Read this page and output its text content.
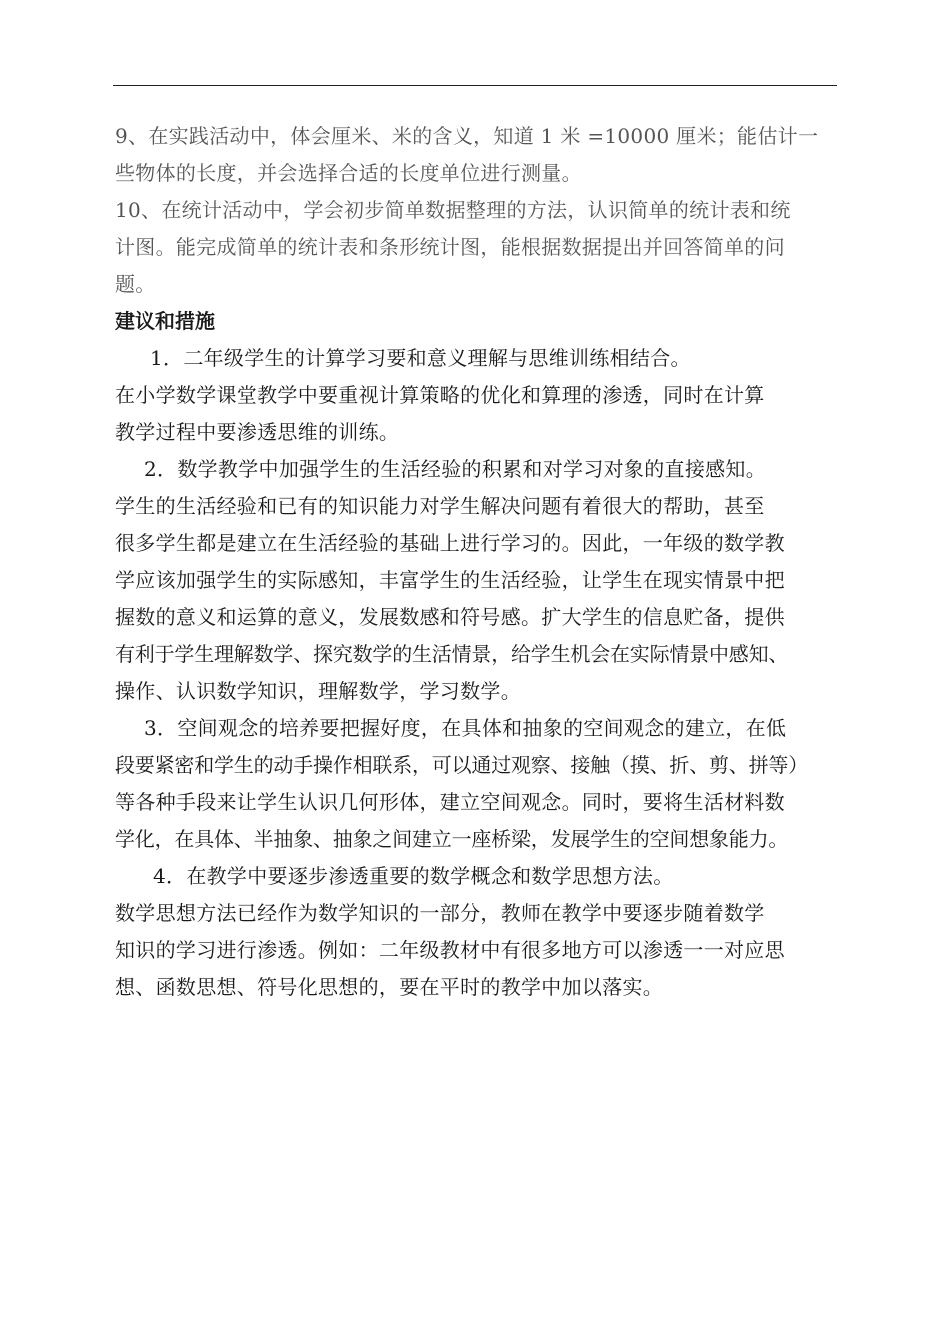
9、在实践活动中，体会厘米、米的含义，知道 1 米 =10000 厘米；能估计一
些物体的长度，并会选择合适的长度单位进行测量。
10、在统计活动中，学会初步简单数据整理的方法，认识简单的统计表和统
计图。能完成简单的统计表和条形统计图，能根据数据提出并回答简单的问
题。
建议和措施
1．二年级学生的计算学习要和意义理解与思维训练相结合。
在小学数学课堂教学中要重视计算策略的优化和算理的渗透，同时在计算
教学过程中要渗透思维的训练。
2．数学教学中加强学生的生活经验的积累和对学习对象的直接感知。
学生的生活经验和已有的知识能力对学生解决问题有着很大的帮助，甚至
很多学生都是建立在生活经验的基础上进行学习的。因此，一年级的数学教
学应该加强学生的实际感知，丰富学生的生活经验，让学生在现实情景中把
握数的意义和运算的意义，发展数感和符号感。扩大学生的信息贮备，提供
有利于学生理解数学、探究数学的生活情景，给学生机会在实际情景中感知、
操作、认识数学知识，理解数学，学习数学。
3．空间观念的培养要把握好度，在具体和抽象的空间观念的建立，在低
段要紧密和学生的动手操作相联系，可以通过观察、接触（摸、折、剪、拼等）
等各种手段来让学生认识几何形体，建立空间观念。同时，要将生活材料数
学化，在具体、半抽象、抽象之间建立一座桥梁，发展学生的空间想象能力。
4．在教学中要逐步渗透重要的数学概念和数学思想方法。
数学思想方法已经作为数学知识的一部分，教师在教学中要逐步随着数学
知识的学习进行渗透。例如：二年级教材中有很多地方可以渗透一一对应思
想、函数思想、符号化思想的，要在平时的教学中加以落实。
